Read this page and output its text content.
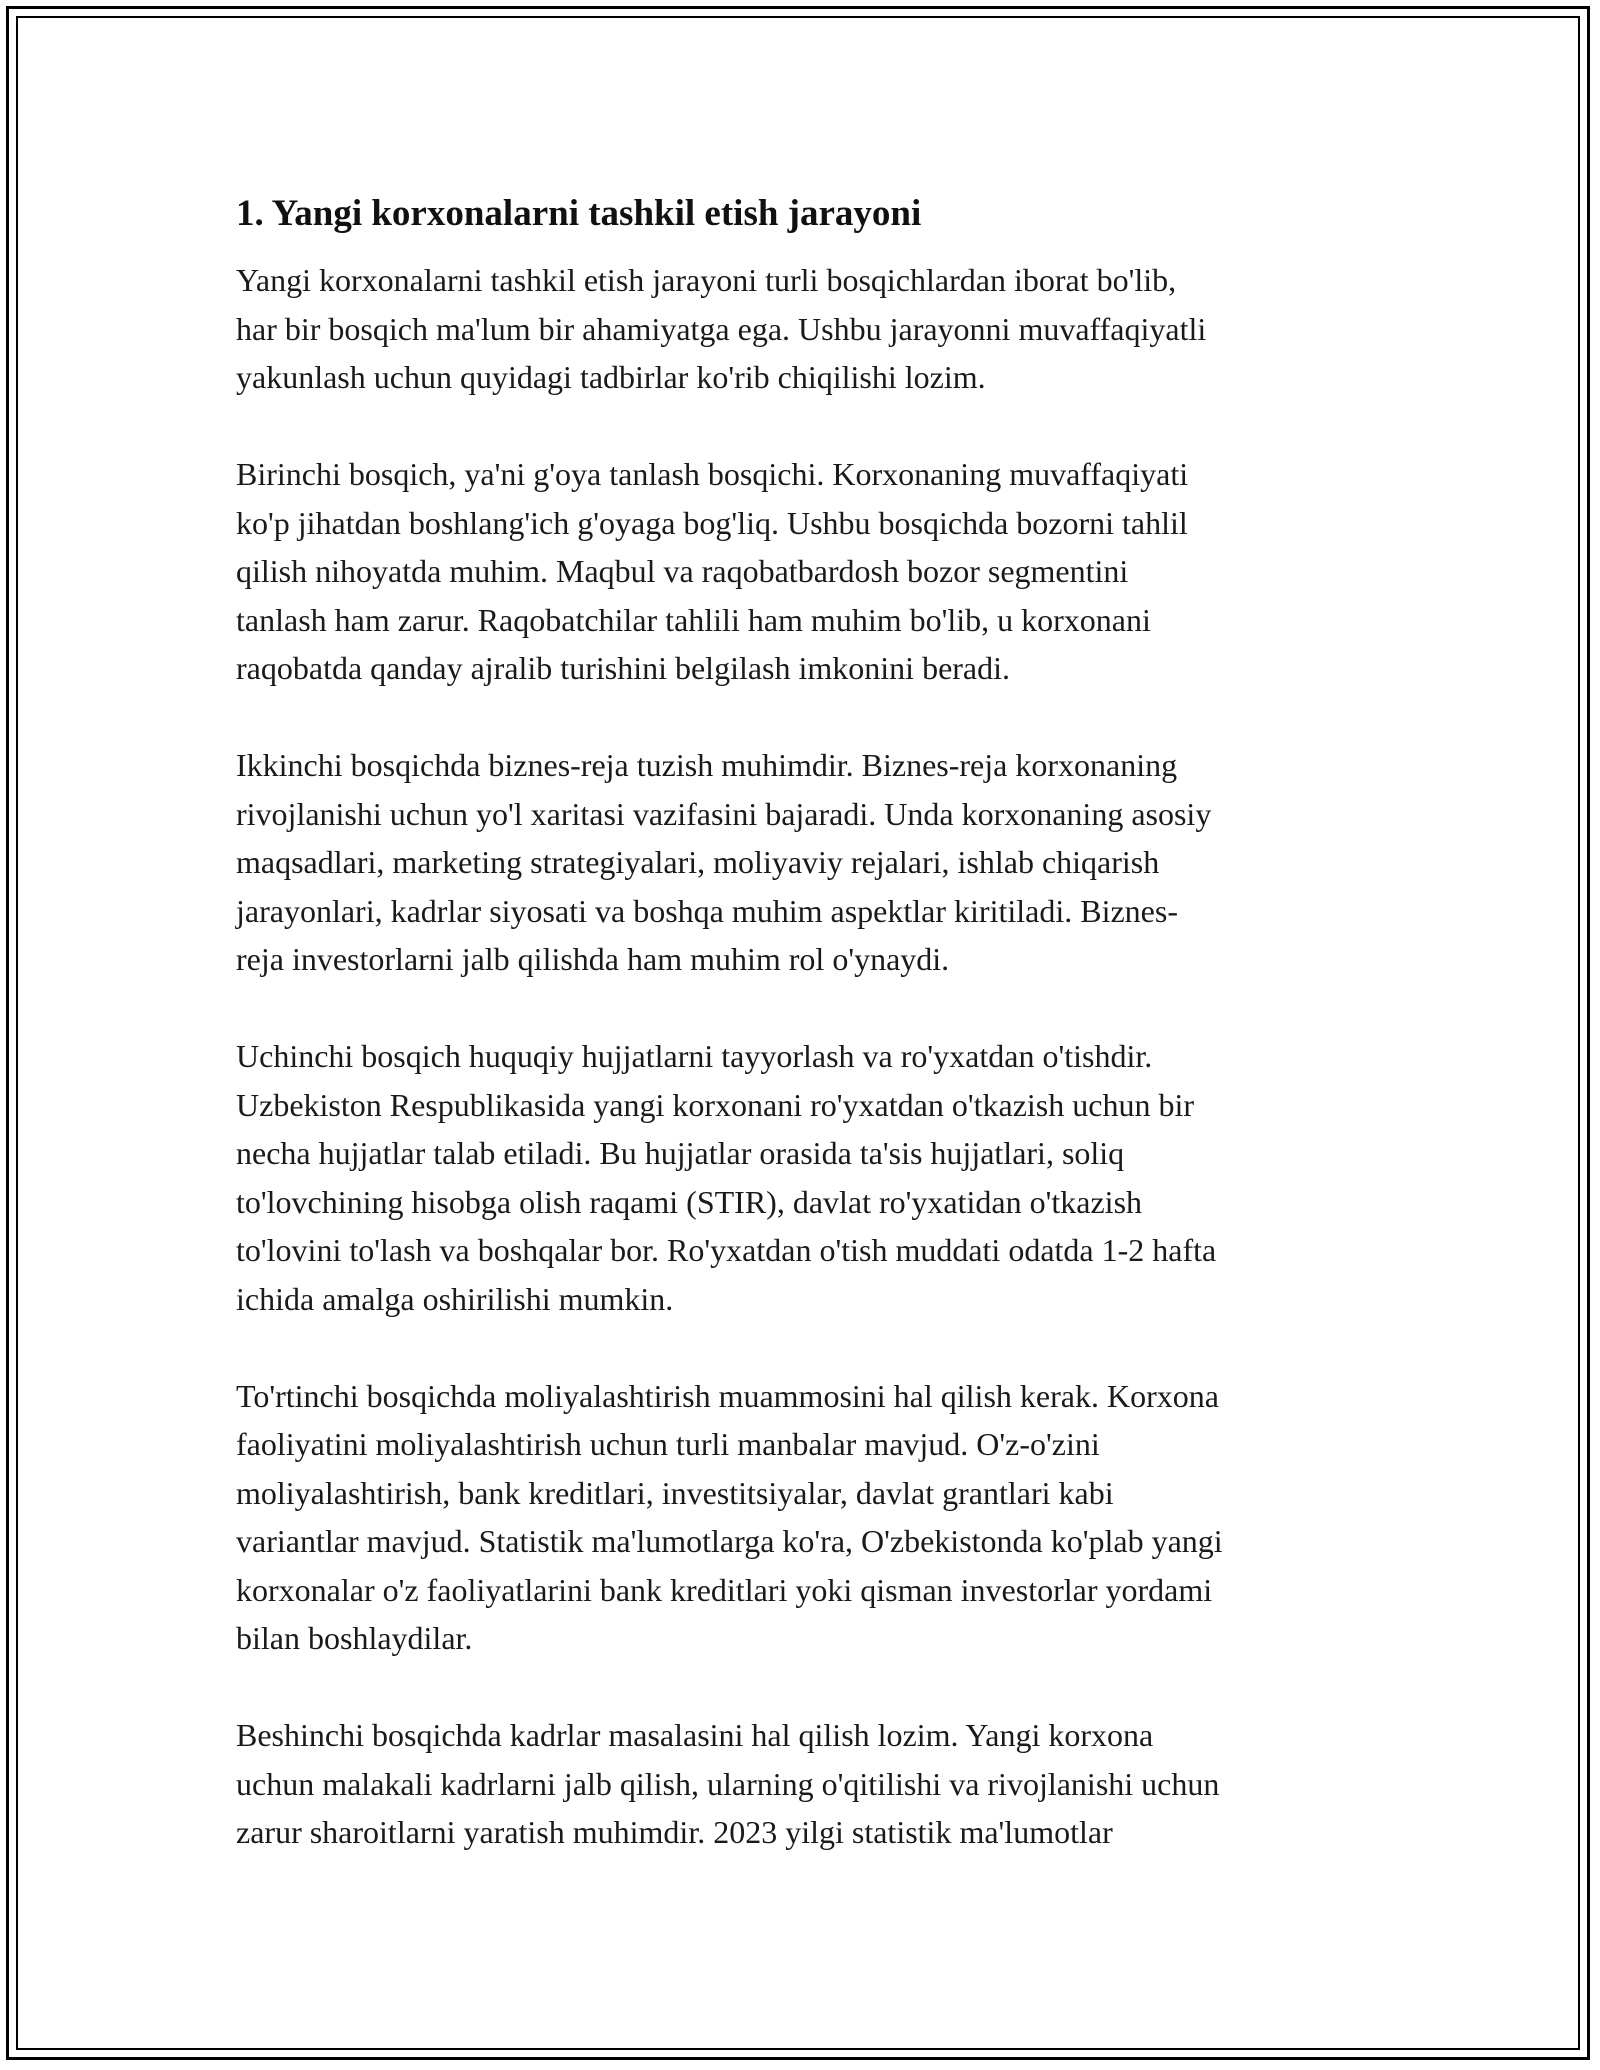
1. Yangi korxonalarni tashkil etish jarayoni

Yangi korxonalarni tashkil etish jarayoni turli bosqichlardan iborat bo'lib,
har bir bosqich ma'lum bir ahamiyatga ega. Ushbu jarayonni muvaffaqiyatli
yakunlash uchun quyidagi tadbirlar ko'rib chiqilishi lozim.

Birinchi bosqich, ya'ni g'oya tanlash bosqichi. Korxonaning muvaffaqiyati
ko'p jihatdan boshlang'ich g'oyaga bog'liq. Ushbu bosqichda bozorni tahlil
qilish nihoyatda muhim. Maqbul va raqobatbardosh bozor segmentini
tanlash ham zarur. Raqobatchilar tahlili ham muhim bo'lib, u korxonani
raqobatda qanday ajralib turishini belgilash imkonini beradi.

Ikkinchi bosqichda biznes-reja tuzish muhimdir. Biznes-reja korxonaning
rivojlanishi uchun yo'l xaritasi vazifasini bajaradi. Unda korxonaning asosiy
maqsadlari, marketing strategiyalari, moliyaviy rejalari, ishlab chiqarish
jarayonlari, kadrlar siyosati va boshqa muhim aspektlar kiritiladi. Biznes-
reja investorlarni jalb qilishda ham muhim rol o'ynaydi.

Uchinchi bosqich huquqiy hujjatlarni tayyorlash va ro'yxatdan o'tishdir.
Uzbekiston Respublikasida yangi korxonani ro'yxatdan o'tkazish uchun bir
necha hujjatlar talab etiladi. Bu hujjatlar orasida ta'sis hujjatlari, soliq
to'lovchining hisobga olish raqami (STIR), davlat ro'yxatidan o'tkazish
to'lovini to'lash va boshqalar bor. Ro'yxatdan o'tish muddati odatda 1-2 hafta
ichida amalga oshirilishi mumkin.

To'rtinchi bosqichda moliyalashtirish muammosini hal qilish kerak. Korxona
faoliyatini moliyalashtirish uchun turli manbalar mavjud. O'z-o'zini
moliyalashtirish, bank kreditlari, investitsiyalar, davlat grantlari kabi
variantlar mavjud. Statistik ma'lumotlarga ko'ra, O'zbekistonda ko'plab yangi
korxonalar o'z faoliyatlarini bank kreditlari yoki qisman investorlar yordami
bilan boshlaydilar.

Beshinchi bosqichda kadrlar masalasini hal qilish lozim. Yangi korxona
uchun malakali kadrlarni jalb qilish, ularning o'qitilishi va rivojlanishi uchun
zarur sharoitlarni yaratish muhimdir. 2023 yilgi statistik ma'lumotlar
